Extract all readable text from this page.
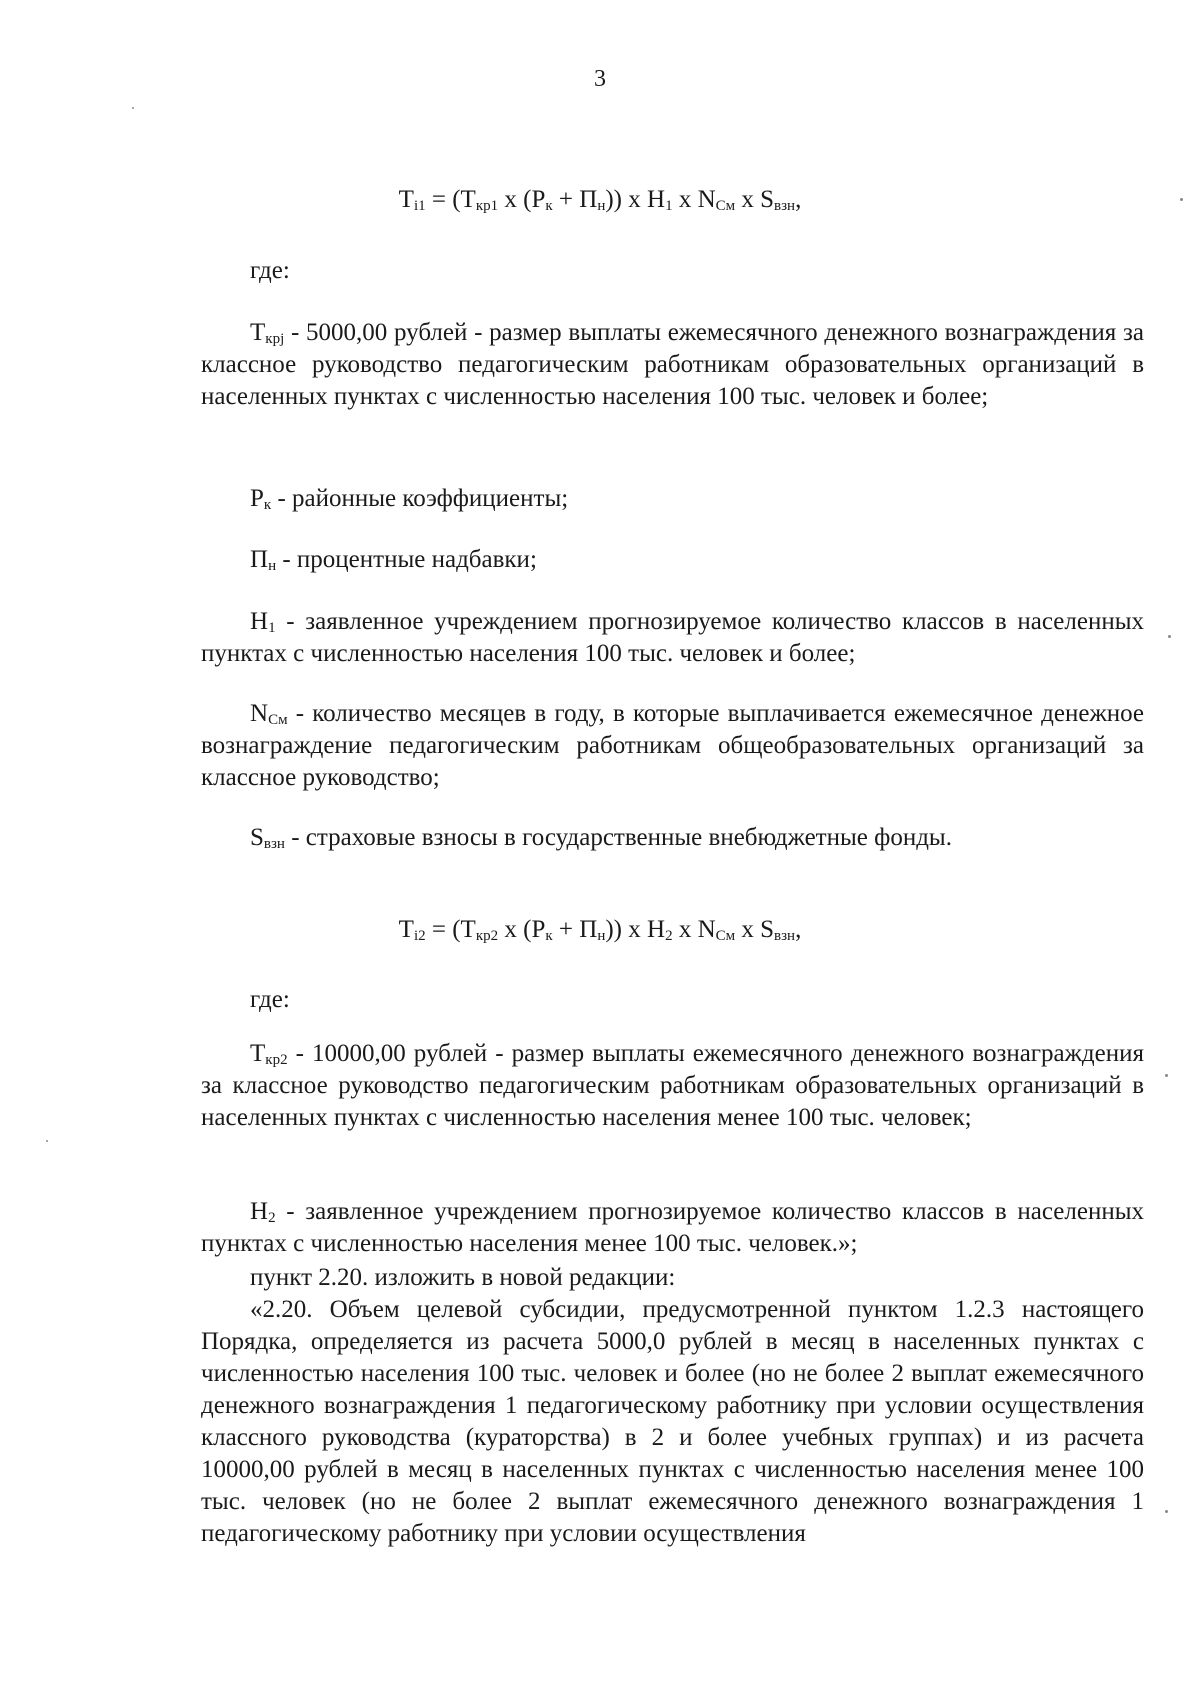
3
Ti1 = (Tкр1 x (Рк + Пн)) x Н1 x NСм x Sвзн,
где:
$Т_{крj} - 5000,00$ рублей - размер выплаты ежемесячного денежного вознаграждения за классное руководство педагогическим работникам образовательных организаций в населенных пунктах с численностью населения 100 тыс. человек и более;
$Р_к$ - районные коэффициенты;
$П_н$ - процентные надбавки;
$Н_1$ - заявленное учреждением прогнозируемое количество классов в населенных пунктах с численностью населения 100 тыс. человек и более;
$N_{См}$ - количество месяцев в году, в которые выплачивается ежемесячное денежное вознаграждение педагогическим работникам общеобразовательных организаций за классное руководство;
$S_{взн}$ - страховые взносы в государственные внебюджетные фонды.
Ti2 = (Tкр2 x (Рк + Пн)) x Н2 x NСм x Sвзн,
где:
$Т_{кр2} - 10000,00$ рублей - размер выплаты ежемесячного денежного вознаграждения за классное руководство педагогическим работникам образовательных организаций в населенных пунктах с численностью населения менее 100 тыс. человек;
$Н_2$ - заявленное учреждением прогнозируемое количество классов в населенных пунктах с численностью населения менее 100 тыс. человек.»;
пункт 2.20. изложить в новой редакции:
«2.20. Объем целевой субсидии, предусмотренной пунктом 1.2.3 настоящего Порядка, определяется из расчета 5000,0 рублей в месяц в населенных пунктах с численностью населения 100 тыс. человек и более (но не более 2 выплат ежемесячного денежного вознаграждения 1 педагогическому работнику при условии осуществления классного руководства (кураторства) в 2 и более учебных группах) и из расчета 10000,00 рублей в месяц в населенных пунктах с численностью населения менее 100 тыс. человек (но не более 2 выплат ежемесячного денежного вознаграждения 1 педагогическому работнику при условии осуществления
